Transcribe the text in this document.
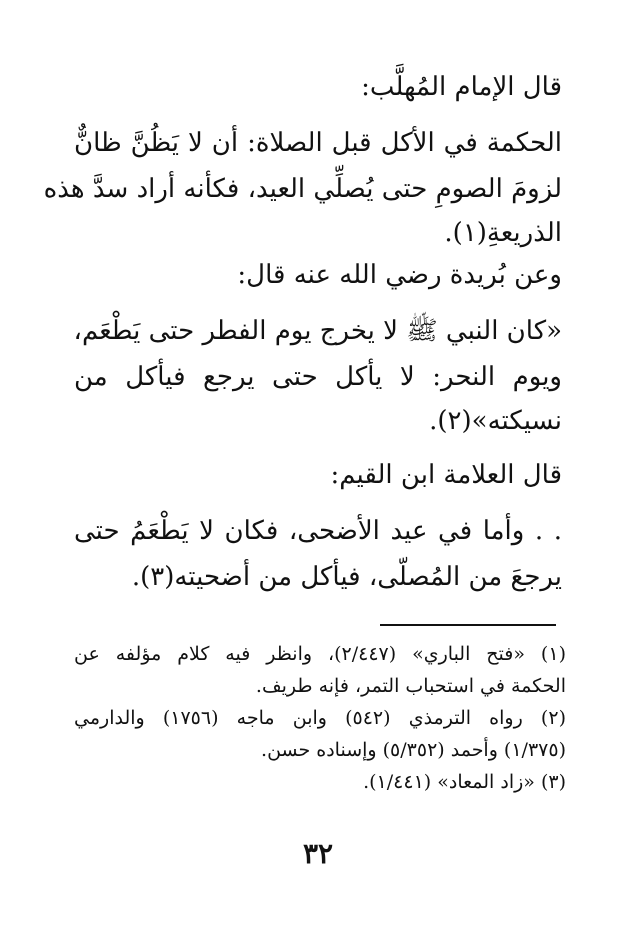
قال الإمام المُهلَّب:
الحكمة في الأكل قبل الصلاة: أن لا يَظُنَّ ظانٌّ
لزومَ الصومِ حتى يُصلِّي العيد، فكأنه أراد سدَّ هذه
الذريعةِ(١).
وعن بُريدة رضي الله عنه قال:
«كان النبي ﷺ لا يخرج يوم الفطر حتى يَطْعَم،
ويوم النحر: لا يأكل حتى يرجع فيأكل من
نسيكته»(٢).
قال العلامة ابن القيم:
. . وأما في عيد الأضحى، فكان لا يَطْعَمُ حتى
يرجعَ من المُصلّى، فيأكل من أضحيته(٣).
(١) «فتح الباري» (٢/٤٤٧)، وانظر فيه كلام مؤلفه عن
الحكمة في استحباب التمر، فإنه طريف.
(٢) رواه الترمذي (٥٤٢) وابن ماجه (١٧٥٦) والدارمي
(١/٣٧٥) وأحمد (٥/٣٥٢) وإسناده حسن.
(٣) «زاد المعاد» (١/٤٤١).
٣٢
